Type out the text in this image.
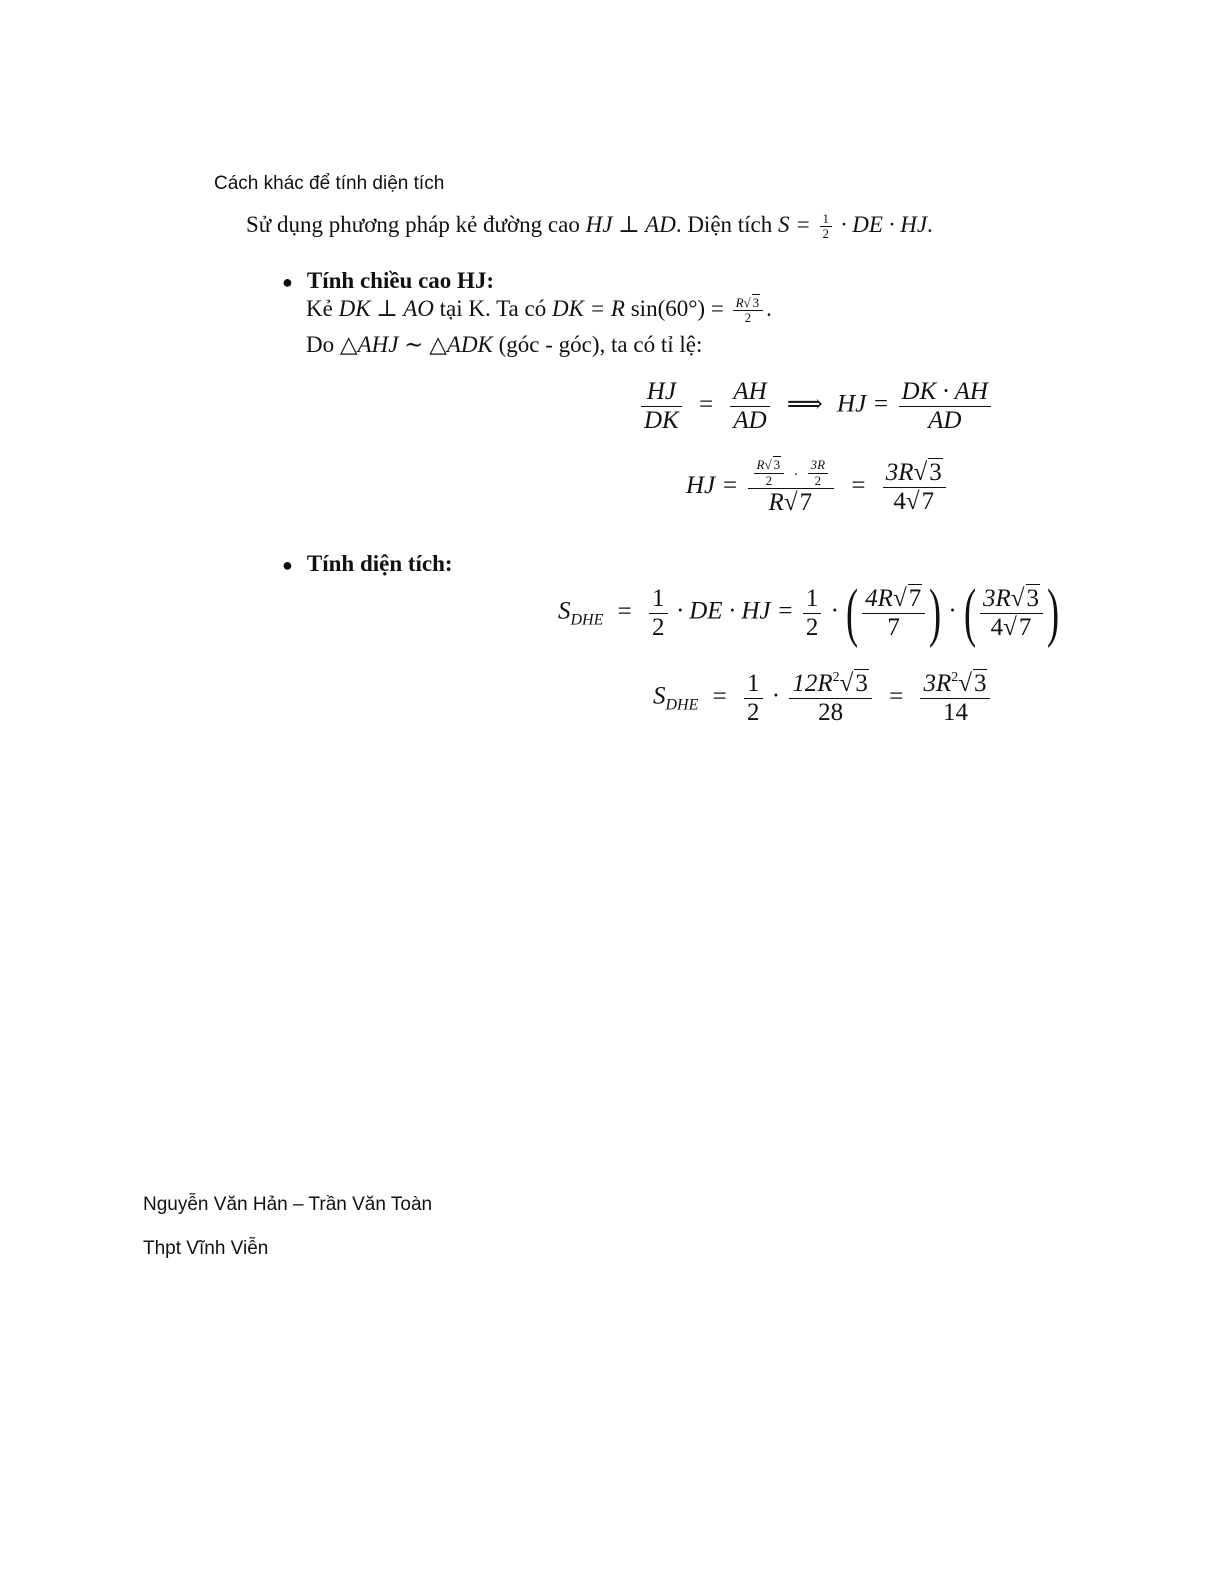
Cách khác để tính diện tích
Sử dụng phương pháp kẻ đường cao HJ ⊥ AD. Diện tích $S = \frac{1}{2}$ · DE · HJ.
● Tính chiều cao HJ:
Kẻ DK ⊥ AO tại K. Ta có DK = R $\sin(60^\circ) = \frac{R√ 3}{2}$ .
Do △AHJ ∼ △ADK (góc - góc), ta có tỉ lệ:
$\frac{HJ}{DK} = \frac{AH}{AD}$ ⟹ HJ = $\frac{DK \cdot AH}{AD}$
HJ = $\frac{\frac{R√ 3}{2} \cdot \frac{3R}{2}}{R√7} = \frac{3R√3}{4√7}$
● Tính diện tích:
$S_{DHE} = \frac{1}{2}$ · DE · HJ = $\frac{1}{2}$ · ( $\frac{4R√7}{7}$ ) · ( $\frac{3R√3}{4√7}$ )
$S_{DHE} = \frac{1}{2} \cdot \frac{12R^2√3}{28} = \frac{3R^2√3}{14}$
Nguyễn Văn Hản – Trần Văn Toàn
Thpt Vĩnh Viễn
